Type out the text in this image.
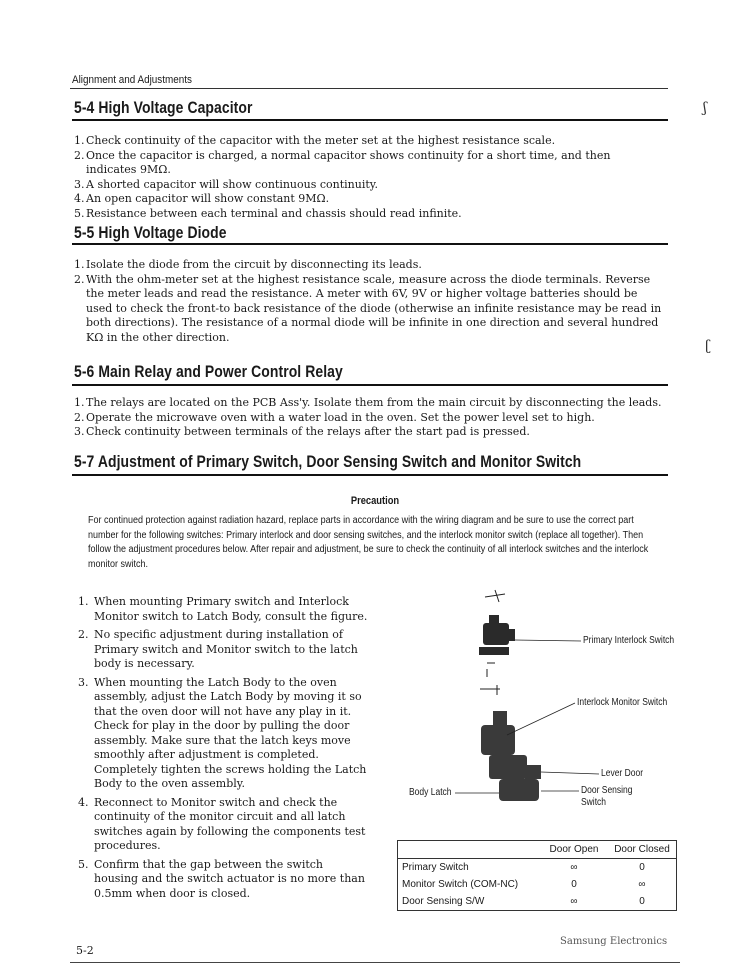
Alignment and Adjustments
5-4 High Voltage Capacitor
1. Check continuity of the capacitor with the meter set at the highest resistance scale.
2. Once the capacitor is charged, a normal capacitor shows continuity for a short time, and then indicates 9MΩ.
3. A shorted capacitor will show continuous continuity.
4. An open capacitor will show constant 9MΩ.
5. Resistance between each terminal and chassis should read infinite.
5-5 High Voltage Diode
1. Isolate the diode from the circuit by disconnecting its leads.
2. With the ohm-meter set at the highest resistance scale, measure across the diode terminals. Reverse the meter leads and read the resistance. A meter with 6V, 9V or higher voltage batteries should be used to check the front-to back resistance of the diode (otherwise an infinite resistance may be read in both directions). The resistance of a normal diode will be infinite in one direction and several hundred KΩ in the other direction.
5-6 Main Relay and Power Control Relay
1. The relays are located on the PCB Ass'y. Isolate them from the main circuit by disconnecting the leads.
2. Operate the microwave oven with a water load in the oven. Set the power level set to high.
3. Check continuity between terminals of the relays after the start pad is pressed.
5-7 Adjustment of Primary Switch, Door Sensing Switch and Monitor Switch
Precaution
For continued protection against radiation hazard, replace parts in accordance with the wiring diagram and be sure to use the correct part number for the following switches: Primary interlock and door sensing switches, and the interlock monitor switch (replace all together). Then follow the adjustment procedures below. After repair and adjustment, be sure to check the continuity of all interlock switches and the interlock monitor switch.
1. When mounting Primary switch and Interlock Monitor switch to Latch Body, consult the figure.
2. No specific adjustment during installation of Primary switch and Monitor switch to the latch body is necessary.
3. When mounting the Latch Body to the oven assembly, adjust the Latch Body by moving it so that the oven door will not have any play in it. Check for play in the door by pulling the door assembly. Make sure that the latch keys move smoothly after adjustment is completed. Completely tighten the screws holding the Latch Body to the oven assembly.
4. Reconnect to Monitor switch and check the continuity of the monitor circuit and all latch switches again by following the components test procedures.
5. Confirm that the gap between the switch housing and the switch actuator is no more than 0.5mm when door is closed.
Primary Interlock Switch
Interlock Monitor Switch
Lever Door
Door Sensing Switch
Body Latch
	Door Open	Door Closed
Primary Switch	∞	0
Monitor Switch (COM-NC)	0	∞
Door Sensing S/W	∞	0
ʃ
ʗ
5-2
Samsung Electronics
